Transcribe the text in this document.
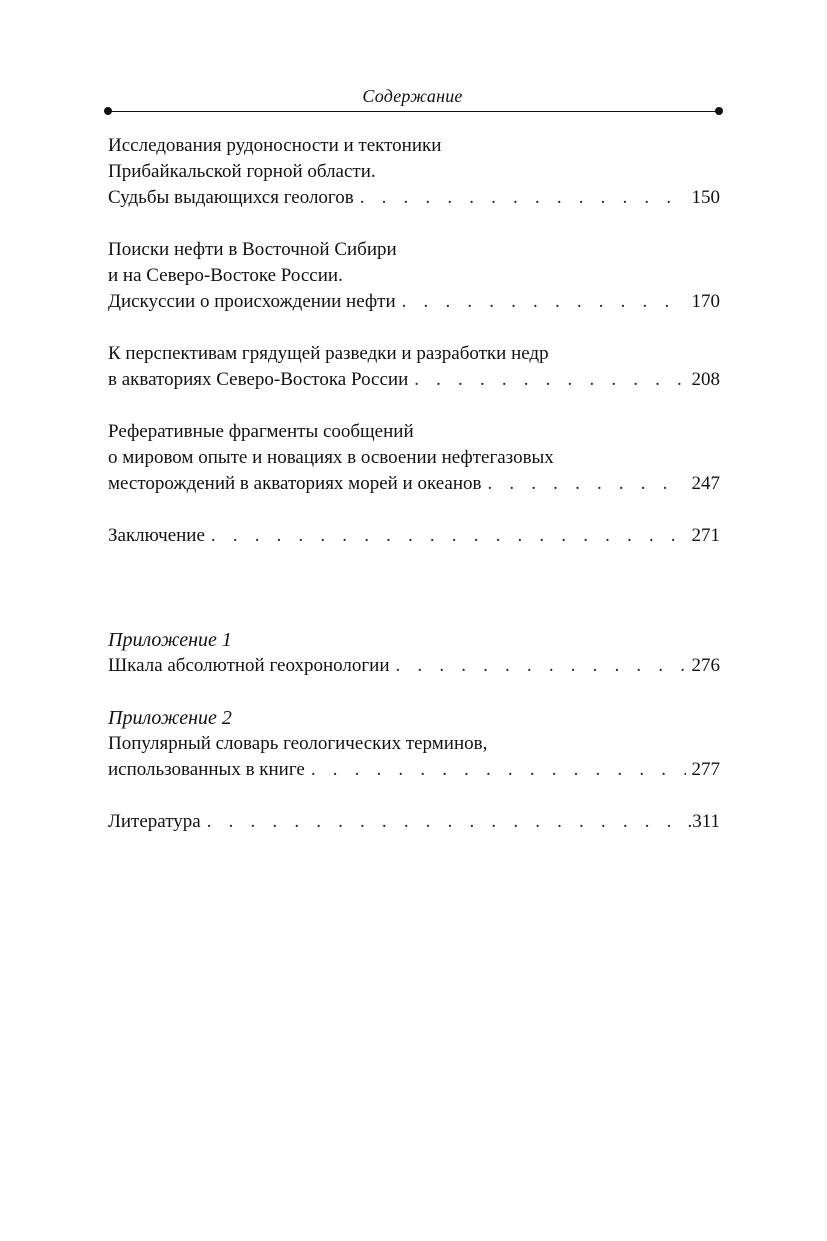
Содержание
Исследования рудоносности и тектоники
Прибайкальской горной области.
Судьбы выдающихся геологов . . .	150
Поиски нефти в Восточной Сибири
и на Северо-Востоке России.
Дискуссии о происхождении нефти . . .	170
К перспективам грядущей разведки и разработки недр
в акваториях Северо-Востока России . . .	208
Реферативные фрагменты сообщений
о мировом опыте и новациях в освоении нефтегазовых
месторождений в акваториях морей и океанов . . .	247
Заключение . . .	271
Приложение 1
Шкала абсолютной геохронологии . . .	276
Приложение 2
Популярный словарь геологических терминов,
использованных в книге . . .	277
Литература . . .	.311
